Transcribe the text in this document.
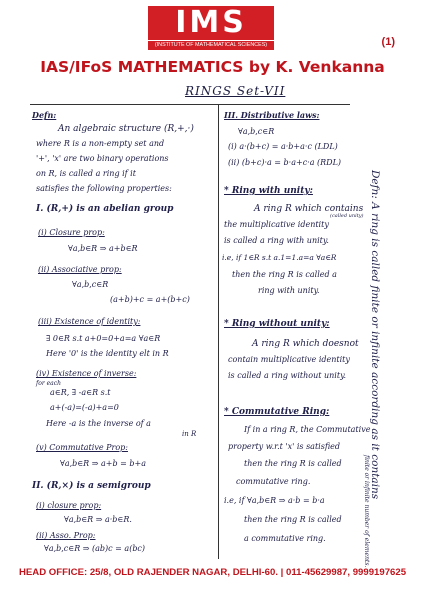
IMS
(INSTITUTE OF MATHEMATICAL SCIENCES)	(1)
IAS/IFoS MATHEMATICS by K. Venkanna
RINGS Set-VII
Defn:
An algebraic structure (R,+,·)
where R is a non-empty set and
'+', 'x' are two binary operations
on R, is called a ring if it
satisfies the following properties:
I. (R,+) is an abelian group
(i) Closure prop:
∀a,b∈R ⇒ a+b∈R
(ii) Associative prop:
∀a,b,c∈R
(a+b)+c = a+(b+c)
(iii) Existence of identity:
∃ 0∈R s.t a+0=0+a=a ∀a∈R
Here '0' is the identity elt in R
(iv) Existence of inverse:
for each
a∈R, ∃ -a∈R s.t
a+(-a)=(-a)+a=0
Here -a is the inverse of a
in R
(v) Commutative Prop:
∀a,b∈R ⇒ a+b = b+a
II. (R,×) is a semigroup
(i) closure prop:
∀a,b∈R ⇒ a·b∈R.
(ii) Asso. Prop:
∀a,b,c∈R ⇒ (ab)c = a(bc)
III. Distributive laws:
∀a,b,c∈R
(i) a·(b+c) = a·b+a·c (LDL)
(ii) (b+c)·a = b·a+c·a (RDL)
* Ring with unity:
A ring R which contains
the multiplicative identity
(called unity)
is called a ring with unity.
i.e, if 1∈R s.t a.1=1.a=a ∀a∈R
then the ring R is called a
ring with unity.
* Ring without unity:
A ring R which doesnot
contain multiplicative identity
is called a ring without unity.
* Commutative Ring:
If in a ring R, the Commutative
property w.r.t 'x' is satisfied
then the ring R is called
commutative ring.
i.e, if ∀a,b∈R ⇒ a·b = b·a
then the ring R is called
a commutative ring.
Defn: A ring is called finite or infinite according as it contains
finite or infinite number of elements.
HEAD OFFICE: 25/8, OLD RAJENDER NAGAR, DELHI-60. | 011-45629987, 9999197625
